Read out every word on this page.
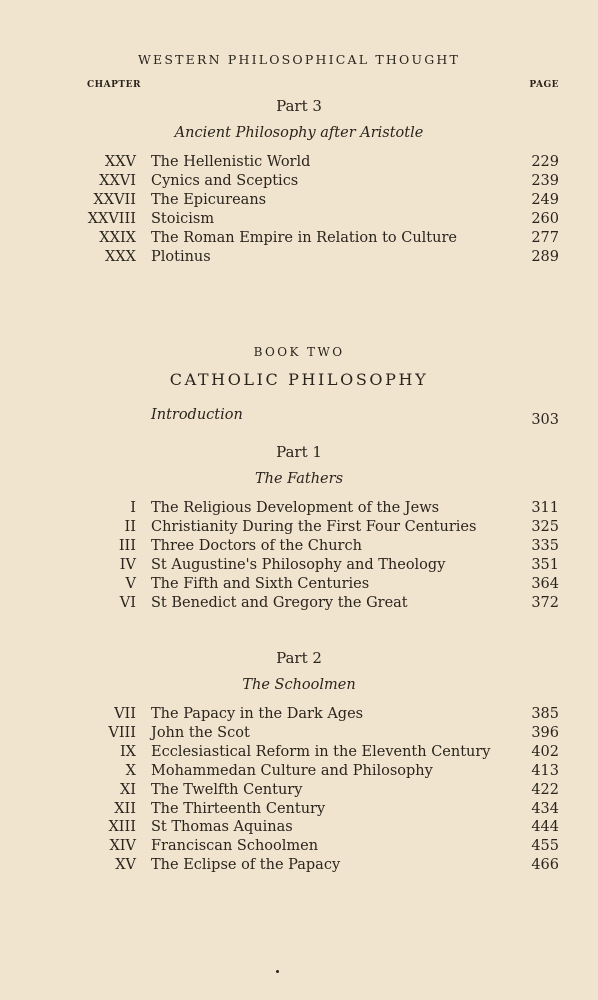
WESTERN PHILOSOPHICAL THOUGHT
CHAPTER	PAGE
Part 3
Ancient Philosophy after Aristotle
XXV The Hellenistic World	229
XXVI Cynics and Sceptics	239
XXVII The Epicureans	249
XXVIII Stoicism	260
XXIX The Roman Empire in Relation to Culture	277
XXX Plotinus	289
BOOK TWO
CATHOLIC PHILOSOPHY
Introduction	303
Part 1
The Fathers
I The Religious Development of the Jews	311
II Christianity During the First Four Centuries	325
III Three Doctors of the Church	335
IV St Augustine's Philosophy and Theology	351
V The Fifth and Sixth Centuries	364
VI St Benedict and Gregory the Great	372
Part 2
The Schoolmen
VII The Papacy in the Dark Ages	385
VIII John the Scot	396
IX Ecclesiastical Reform in the Eleventh Century	402
X Mohammedan Culture and Philosophy	413
XI The Twelfth Century	422
XII The Thirteenth Century	434
XIII St Thomas Aquinas	444
XIV Franciscan Schoolmen	455
XV The Eclipse of the Papacy	466
